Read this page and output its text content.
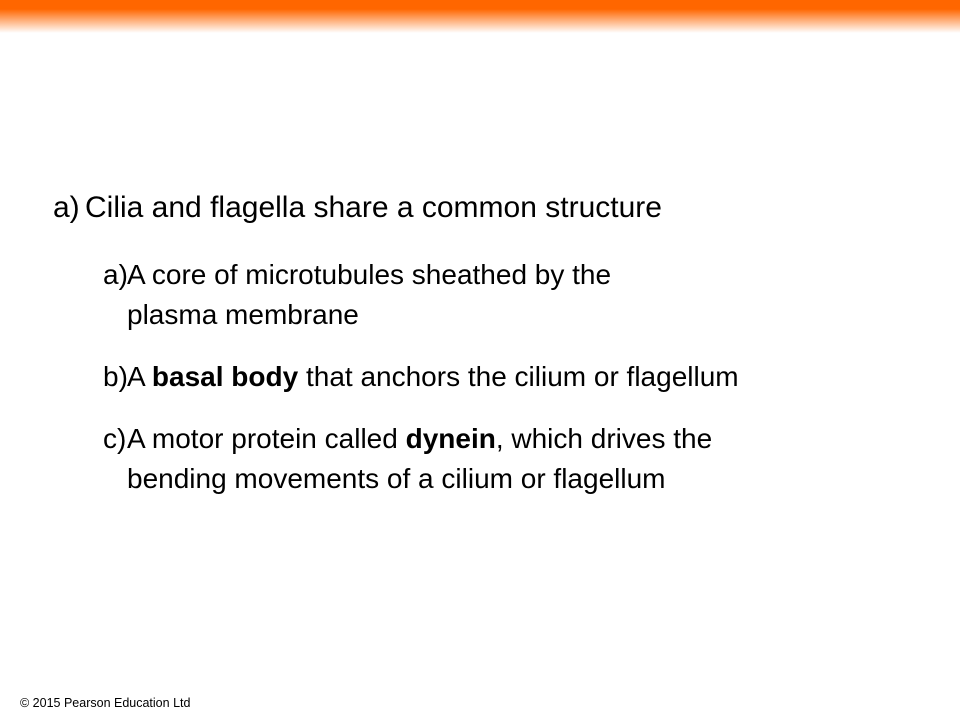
a) Cilia and flagella share a common structure
a)A core of microtubules sheathed by the
plasma membrane
b)A basal body that anchors the cilium or flagellum
c)A motor protein called dynein, which drives the
bending movements of a cilium or flagellum
© 2015 Pearson Education Ltd
